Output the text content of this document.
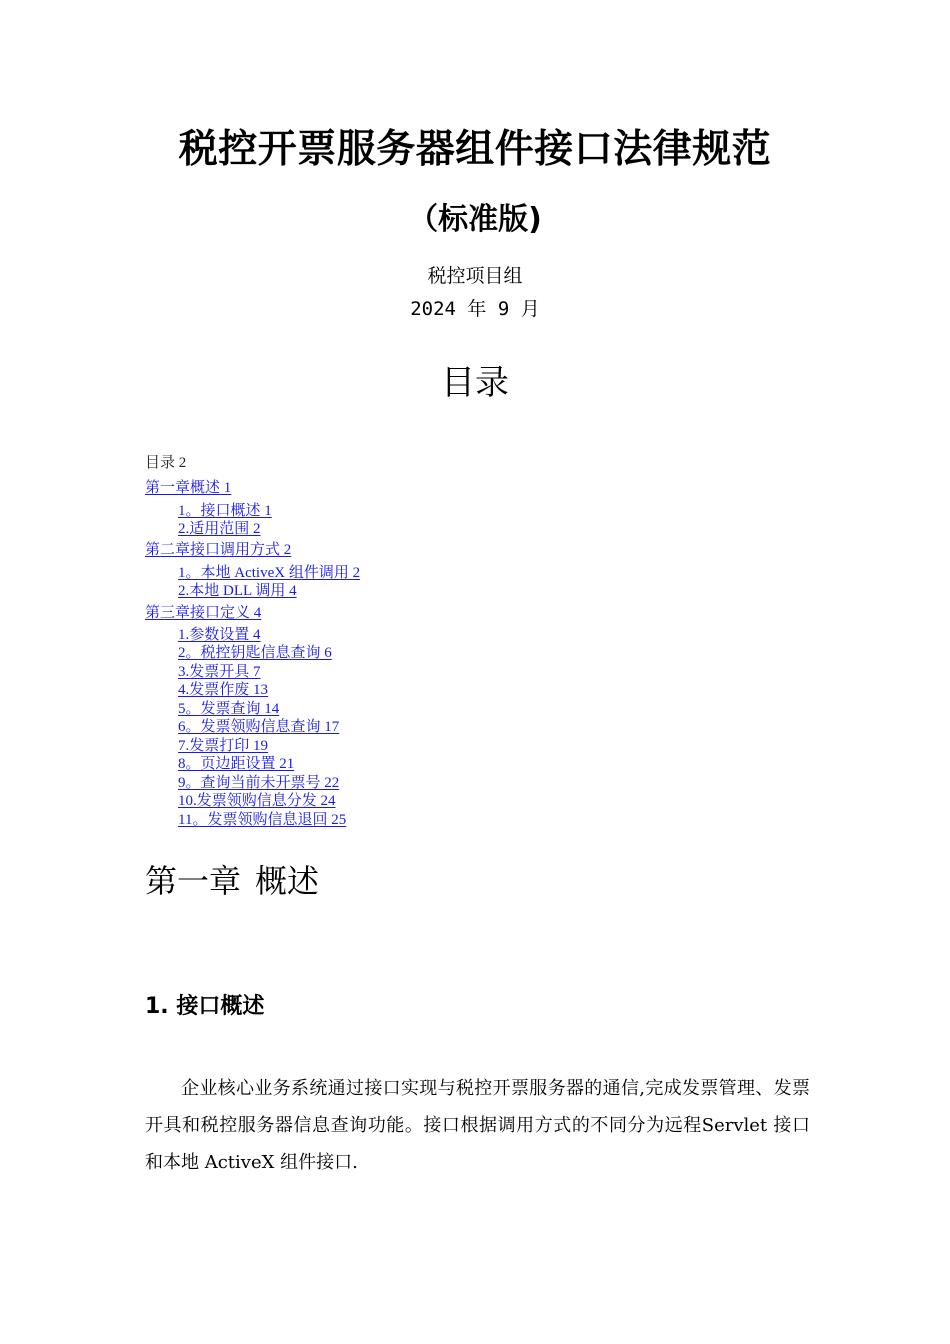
税控开票服务器组件接口法律规范
（标准版)
税控项目组
2024 年 9 月
目录
目录 2
第一章概述 1
1。接口概述 1
2.适用范围 2
第二章接口调用方式 2
1。本地 ActiveX 组件调用 2
2.本地 DLL 调用 4
第三章接口定义 4
1.参数设置 4
2。税控钥匙信息查询 6
3.发票开具 7
4.发票作废 13
5。发票查询 14
6。发票领购信息查询 17
7.发票打印 19
8。页边距设置 21
9。查询当前未开票号 22
10.发票领购信息分发 24
11。发票领购信息退回 25
第一章 概述
1. 接口概述

企业核心业务系统通过接口实现与税控开票服务器的通信,完成发票管理、发票开具和税控服务器信息查询功能。接口根据调用方式的不同分为远程Servlet 接口和本地 ActiveX 组件接口.
